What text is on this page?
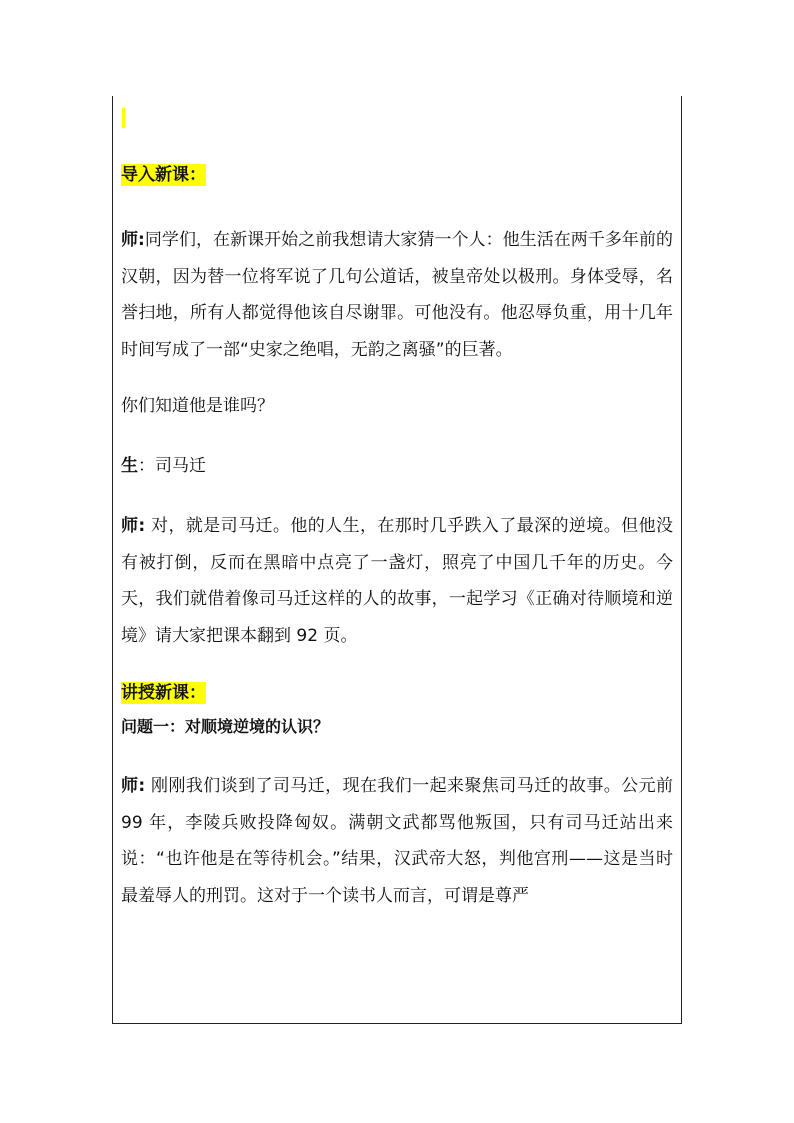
导入新课：

师:同学们，在新课开始之前我想请大家猜一个人：他生活在两千多年前的汉朝，因为替一位将军说了几句公道话，被皇帝处以极刑。身体受辱，名誉扫地，所有人都觉得他该自尽谢罪。可他没有。他忍辱负重，用十几年时间写成了一部“史家之绝唱，无韵之离骚”的巨著。

你们知道他是谁吗？

生：司马迁

师: 对，就是司马迁。他的人生，在那时几乎跌入了最深的逆境。但他没有被打倒，反而在黑暗中点亮了一盏灯，照亮了中国几千年的历史。今天，我们就借着像司马迁这样的人的故事，一起学习《正确对待顺境和逆境》请大家把课本翻到 92 页。

讲授新课：

问题一：对顺境逆境的认识？

师: 刚刚我们谈到了司马迁，现在我们一起来聚焦司马迁的故事。公元前 99 年，李陵兵败投降匈奴。满朝文武都骂他叛国，只有司马迁站出来说：“也许他是在等待机会。”结果，汉武帝大怒，判他宫刑——这是当时最羞辱人的刑罚。这对于一个读书人而言，可谓是尊严
